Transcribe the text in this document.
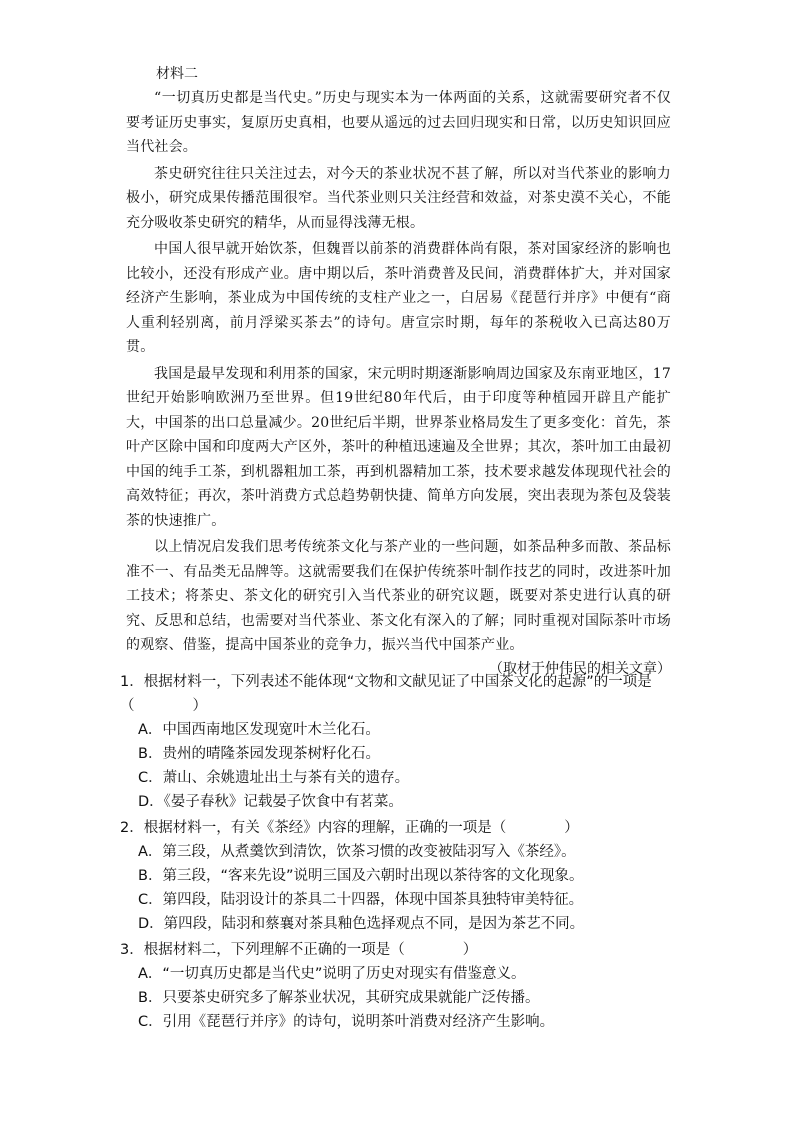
材料二

“一切真历史都是当代史。”历史与现实本为一体两面的关系，这就需要研究者不仅要考证历史事实，复原历史真相，也要从遥远的过去回归现实和日常，以历史知识回应当代社会。

茶史研究往往只关注过去，对今天的茶业状况不甚了解，所以对当代茶业的影响力极小，研究成果传播范围很窄。当代茶业则只关注经营和效益，对茶史漠不关心，不能充分吸收茶史研究的精华，从而显得浅薄无根。

中国人很早就开始饮茶，但魏晋以前茶的消费群体尚有限，茶对国家经济的影响也比较小，还没有形成产业。唐中期以后，茶叶消费普及民间，消费群体扩大，并对国家经济产生影响，茶业成为中国传统的支柱产业之一，白居易《琵琶行并序》中便有“商人重利轻别离，前月浮梁买茶去”的诗句。唐宣宗时期，每年的茶税收入已高达80万贯。

我国是最早发现和利用茶的国家，宋元明时期逐渐影响周边国家及东南亚地区，17世纪开始影响欧洲乃至世界。但19世纪80年代后，由于印度等种植园开辟且产能扩大，中国茶的出口总量减少。20世纪后半期，世界茶业格局发生了更多变化：首先，茶叶产区除中国和印度两大产区外，茶叶的种植迅速遍及全世界；其次，茶叶加工由最初中国的纯手工茶，到机器粗加工茶，再到机器精加工茶，技术要求越发体现现代社会的高效特征；再次，茶叶消费方式总趋势朝快捷、简单方向发展，突出表现为茶包及袋装茶的快速推广。

以上情况启发我们思考传统茶文化与茶产业的一些问题，如茶品种多而散、茶品标准不一、有品类无品牌等。这就需要我们在保护传统茶叶制作技艺的同时，改进茶叶加工技术；将茶史、茶文化的研究引入当代茶业的研究议题，既要对茶史进行认真的研究、反思和总结，也需要对当代茶业、茶文化有深入的了解；同时重视对国际茶叶市场的观察、借鉴，提高中国茶业的竞争力，振兴当代中国茶产业。

（取材于仲伟民的相关文章）

1．根据材料一，下列表述不能体现“文物和文献见证了中国茶文化的起源”的一项是（　　　　）

A．中国西南地区发现宽叶木兰化石。

B．贵州的晴隆茶园发现茶树籽化石。

C．萧山、余姚遗址出土与茶有关的遗存。

D．《晏子春秋》记载晏子饮食中有茗菜。

2．根据材料一，有关《茶经》内容的理解，正确的一项是（　　　　）

A．第三段，从煮羹饮到清饮，饮茶习惯的改变被陆羽写入《茶经》。

B．第三段，“客来先设”说明三国及六朝时出现以茶待客的文化现象。

C．第四段，陆羽设计的茶具二十四器，体现中国茶具独特审美特征。

D．第四段，陆羽和蔡襄对茶具釉色选择观点不同，是因为茶艺不同。

3．根据材料二，下列理解不正确的一项是（　　　　）

A．“一切真历史都是当代史”说明了历史对现实有借鉴意义。

B．只要茶史研究多了解茶业状况，其研究成果就能广泛传播。

C．引用《琵琶行并序》的诗句，说明茶叶消费对经济产生影响。
